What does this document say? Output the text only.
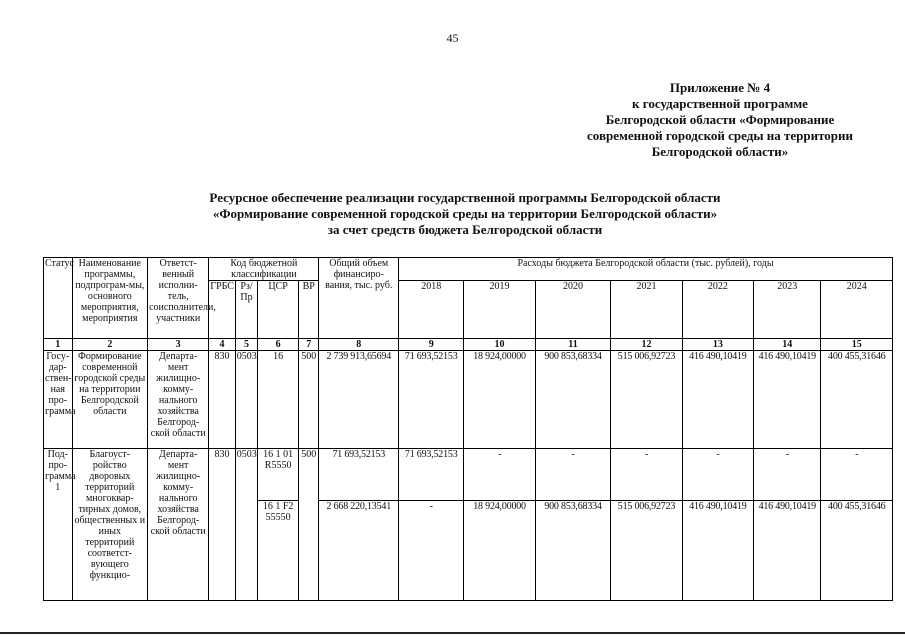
45
Приложение № 4
к государственной программе
Белгородской области «Формирование
современной городской среды на территории
Белгородской области»
Ресурсное обеспечение реализации государственной программы Белгородской области
«Формирование современной городской среды на территории Белгородской области»
за счет средств бюджета Белгородской области
Статус	Наименование программы, подпрограм-мы, основного мероприятия, мероприятия	Ответст-венный исполни-тель, соисполнители, участники	Код бюджетной классификации				Общий объем финансиро-вания, тыс. руб.	Расходы бюджета Белгородской области (тыс. рублей), годы						
			ГРБС	Рз/ Пр	ЦСР	ВР		2018	2019	2020	2021	2022	2023	2024
1	2	3	4	5	6	7	8	9	10	11	12	13	14	15
Госу-дар-ствен-ная про-грамма	Формирование современной городской среды на территории Белгородской области	Департа-мент жилищно-комму-нального хозяйства Белгород-ской области	830	0503	16	500	2 739 913,65694	71 693,52153	18 924,00000	900 853,68334	515 006,92723	416 490,10419	416 490,10419	400 455,31646
Под-про-грамма 1	Благоуст-ройство дворовых территорий многоквар-тирных домов, общественных и иных территорий соответст-вующего функцио-	Департа-мент жилищно-комму-нального хозяйства Белгород-ской области	830	0503	16 1 01 R5550	500	71 693,52153	71 693,52153	-	-	-	-	-	-
					16 1 F2 55550		2 668 220,13541	-	18 924,00000	900 853,68334	515 006,92723	416 490,10419	416 490,10419	400 455,31646
